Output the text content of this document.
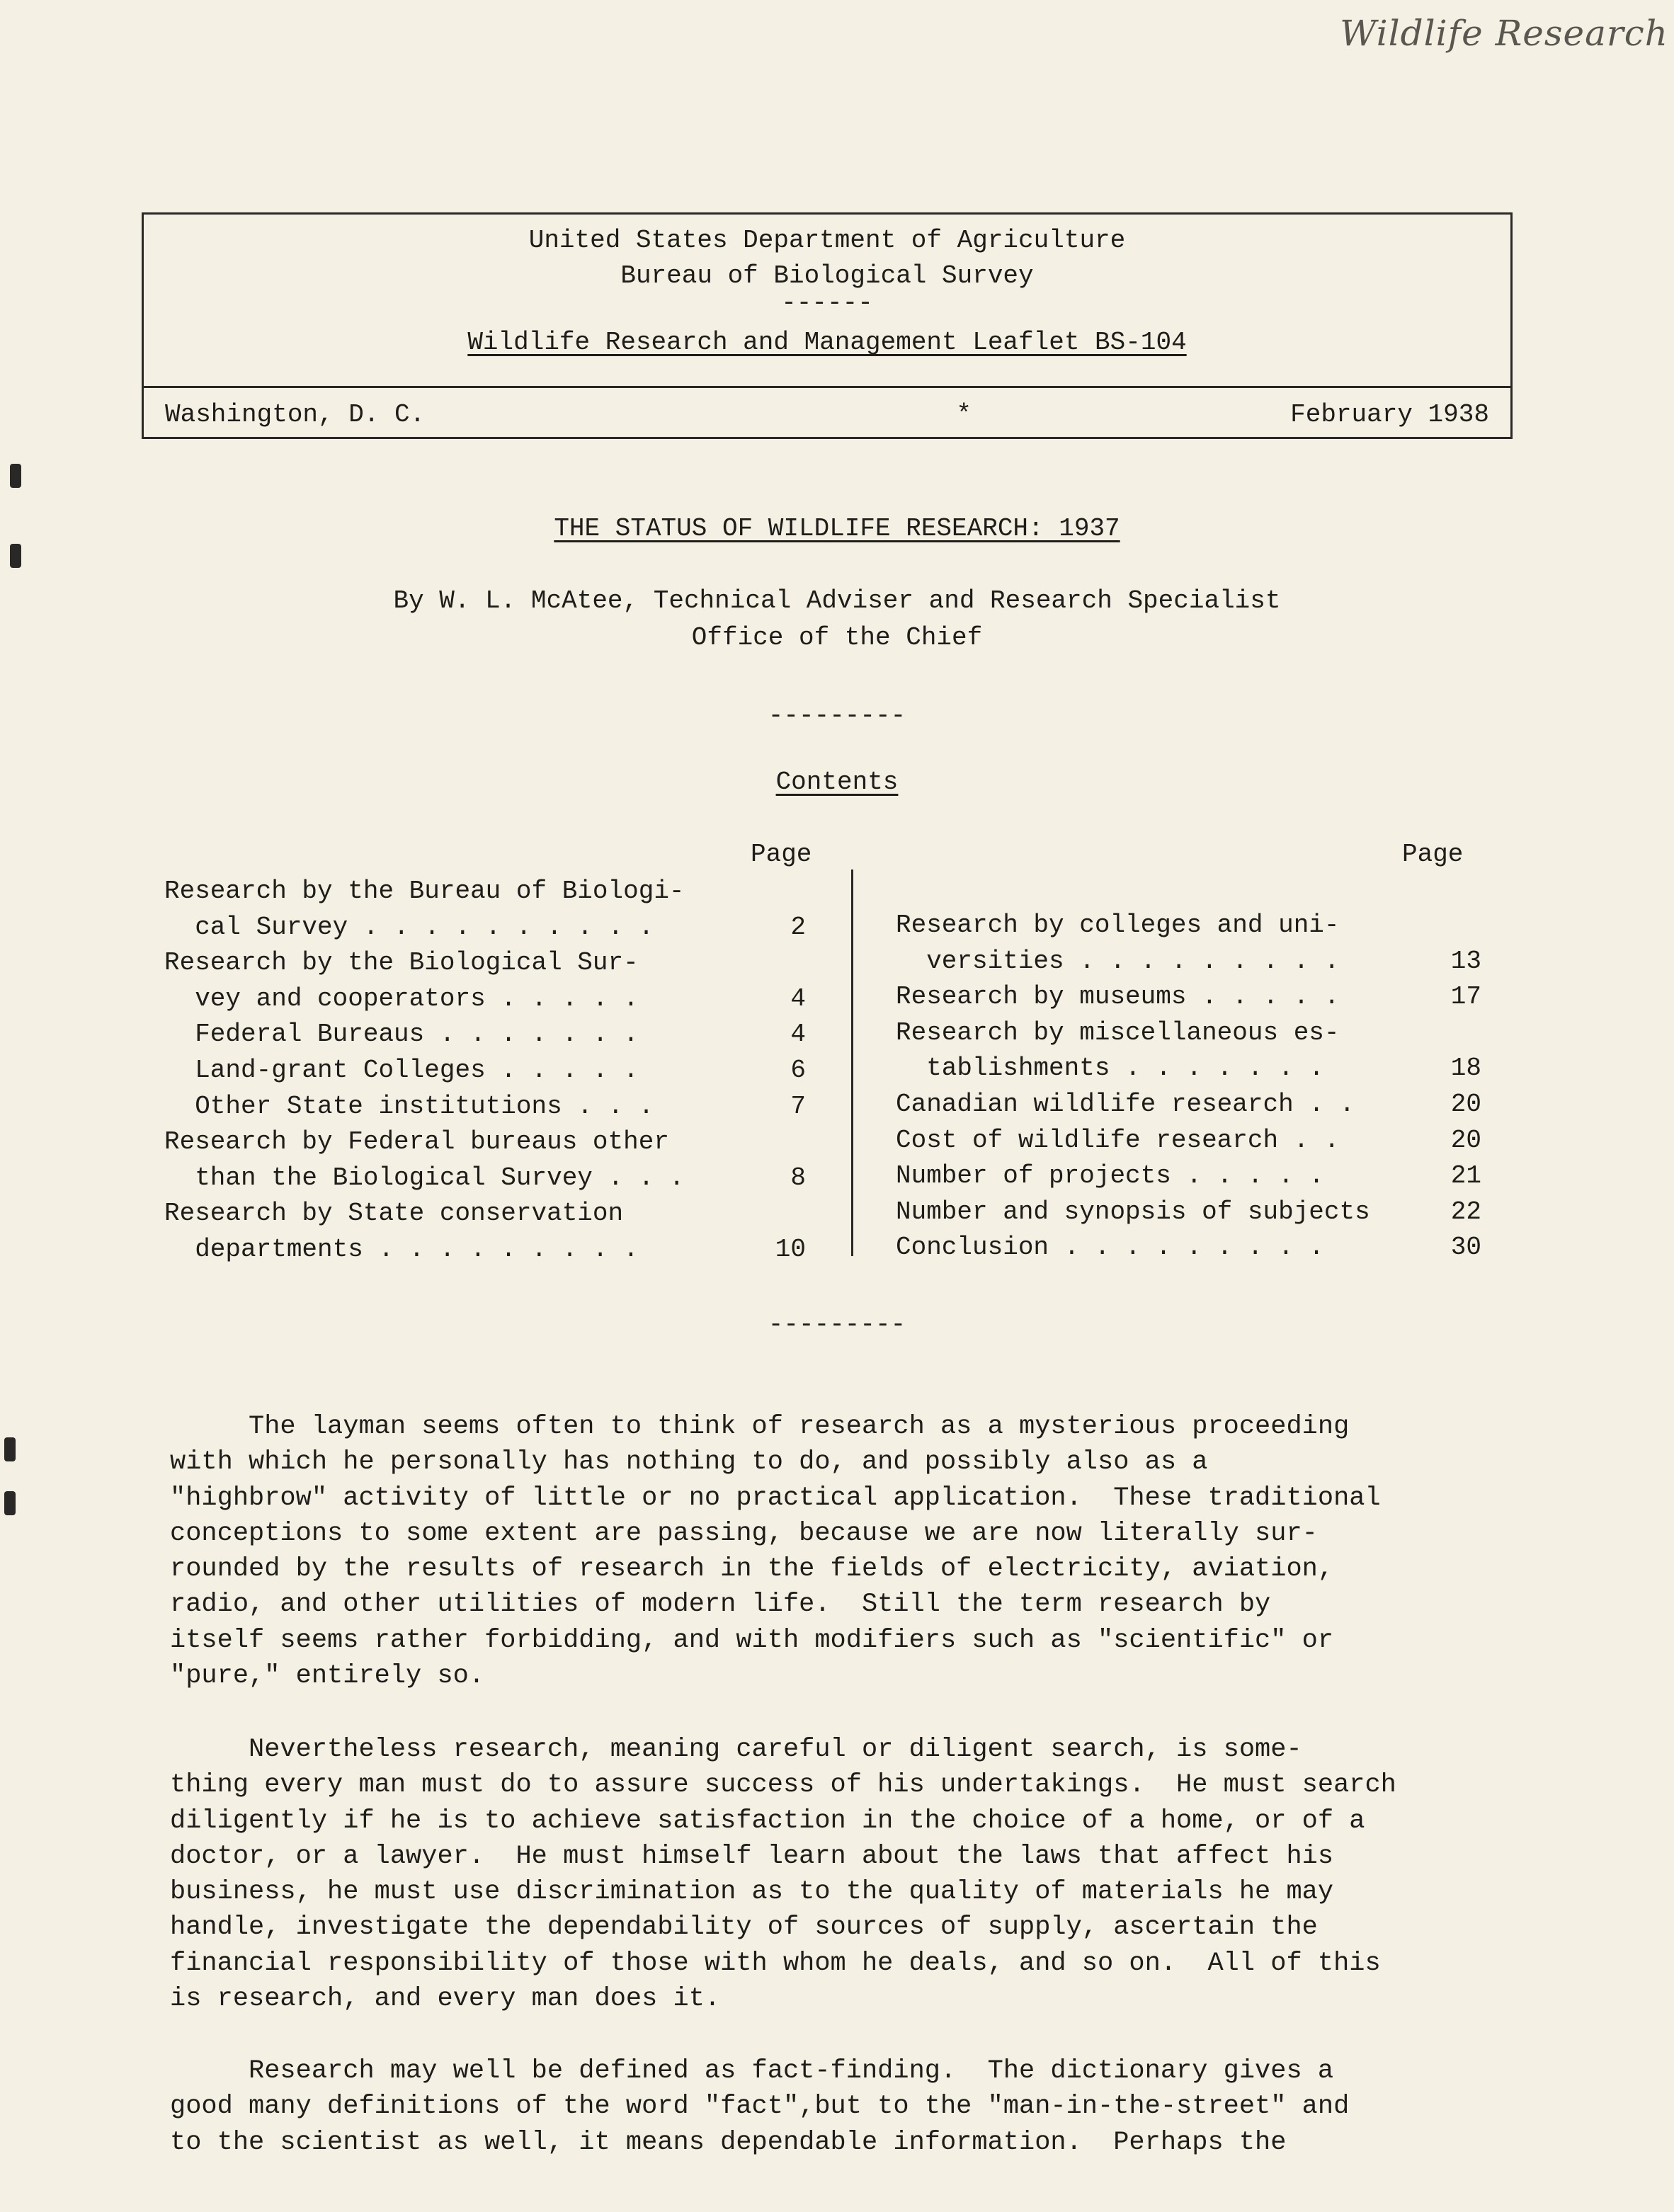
Wildlife Research
United States Department of Agriculture
Bureau of Biological Survey
------
Wildlife Research and Management Leaflet BS-104
Washington, D. C.	*	February 1938
THE STATUS OF WILDLIFE RESEARCH: 1937
By W. L. McAtee, Technical Adviser and Research Specialist
Office of the Chief
---------
Contents
Page	Page
Research by the Bureau of Biologi-
cal Survey . . . . . . . . . .	2
Research by the Biological Sur-
vey and cooperators . . . . .	4
Federal Bureaus . . . . . . .	4
Land-grant Colleges . . . . .	6
Other State institutions . . .	7
Research by Federal bureaus other
than the Biological Survey . . .	8
Research by State conservation
departments . . . . . . . . .	10
Research by colleges and uni-
versities . . . . . . . . .	13
Research by museums . . . . .	17
Research by miscellaneous es-
tablishments . . . . . . .	18
Canadian wildlife research . .	20
Cost of wildlife research . .	20
Number of projects . . . . .	21
Number and synopsis of subjects	22
Conclusion . . . . . . . . .	30
---------
The layman seems often to think of research as a mysterious proceeding
with which he personally has nothing to do, and possibly also as a
"highbrow" activity of little or no practical application.  These traditional
conceptions to some extent are passing, because we are now literally sur-
rounded by the results of research in the fields of electricity, aviation,
radio, and other utilities of modern life.  Still the term research by
itself seems rather forbidding, and with modifiers such as "scientific" or
"pure," entirely so.
Nevertheless research, meaning careful or diligent search, is some-
thing every man must do to assure success of his undertakings.  He must search
diligently if he is to achieve satisfaction in the choice of a home, or of a
doctor, or a lawyer.  He must himself learn about the laws that affect his
business, he must use discrimination as to the quality of materials he may
handle, investigate the dependability of sources of supply, ascertain the
financial responsibility of those with whom he deals, and so on.  All of this
is research, and every man does it.
Research may well be defined as fact-finding.  The dictionary gives a
good many definitions of the word "fact",but to the "man-in-the-street" and
to the scientist as well, it means dependable information.  Perhaps the
